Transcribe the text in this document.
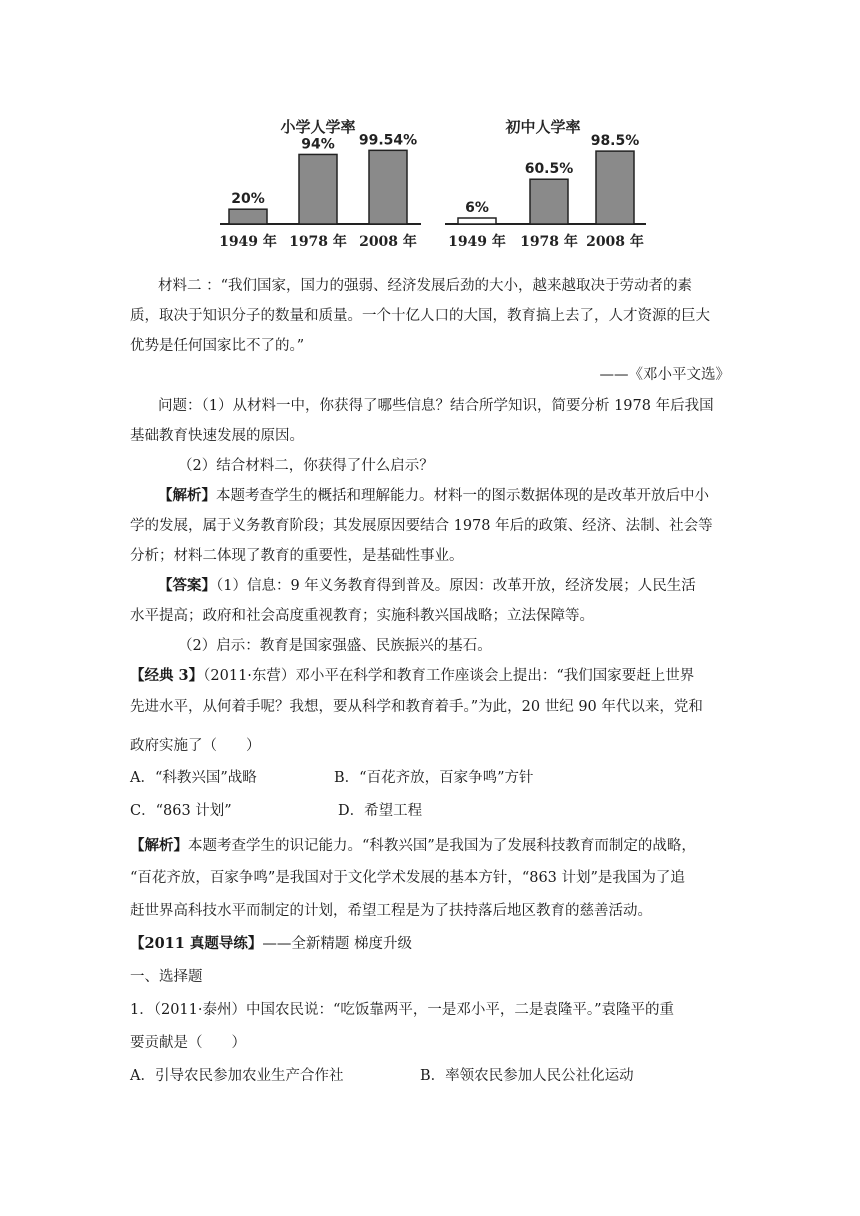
小学人学率
20%
94% 99.54%
1949 年 1978 年 2008 年
初中人学率
6%
60.5%
98.5%
1949 年 1978 年 2008 年
材料二 ：“我们国家，国力的强弱、经济发展后劲的大小，越来越取决于劳动者的素
质，取决于知识分子的数量和质量。一个十亿人口的大国，教育搞上去了，人才资源的巨大
优势是任何国家比不了的。”
——《邓小平文选》
问题：（1）从材料一中，你获得了哪些信息？结合所学知识，简要分析 1978 年后我国
基础教育快速发展的原因。
（2）结合材料二，你获得了什么启示？
【解析】本题考查学生的概括和理解能力。材料一的图示数据体现的是改革开放后中小
学的发展，属于义务教育阶段；其发展原因要结合 1978 年后的政策、经济、法制、社会等
分析；材料二体现了教育的重要性，是基础性事业。
【答案】（1）信息：9 年义务教育得到普及。原因：改革开放，经济发展；人民生活
水平提高；政府和社会高度重视教育；实施科教兴国战略；立法保障等。
（2）启示：教育是国家强盛、民族振兴的基石。
【经典 3】（2011·东营）邓小平在科学和教育工作座谈会上提出：“我们国家要赶上世界
先进水平，从何着手呢？我想，要从科学和教育着手。”为此，20 世纪 90 年代以来，党和
政府实施了（　　）
A．“科教兴国”战略	B．“百花齐放，百家争鸣”方针
C．“863 计划”	D．希望工程
【解析】本题考查学生的识记能力。“科教兴国”是我国为了发展科技教育而制定的战略，
“百花齐放，百家争鸣”是我国对于文化学术发展的基本方针，“863 计划”是我国为了追
赶世界高科技水平而制定的计划，希望工程是为了扶持落后地区教育的慈善活动。
【2011 真题导练】——全新精题 梯度升级
一、选择题
1．（2011·泰州）中国农民说：“吃饭靠两平，一是邓小平，二是袁隆平。”袁隆平的重
要贡献是（　　）
A．引导农民参加农业生产合作社	B．率领农民参加人民公社化运动
